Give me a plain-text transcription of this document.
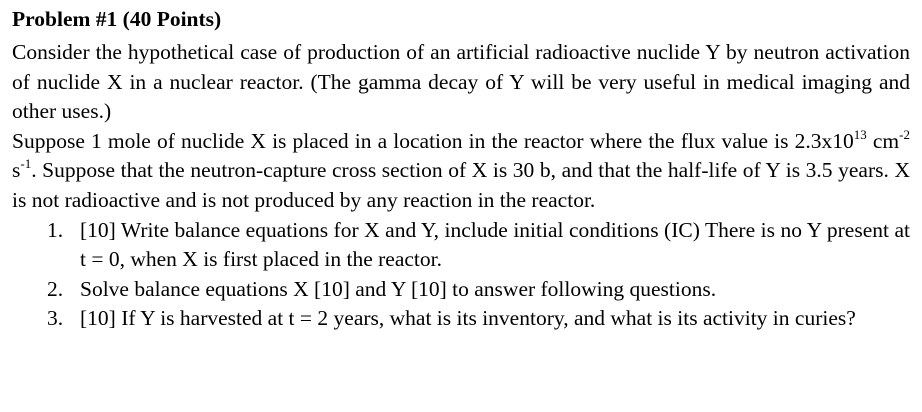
Problem #1 (40 Points)

Consider the hypothetical case of production of an artificial radioactive nuclide Y by neutron activation of nuclide X in a nuclear reactor. (The gamma decay of Y will be very useful in medical imaging and other uses.)

Suppose 1 mole of nuclide X is placed in a location in the reactor where the flux value is $2.3x10^{13}$ $cm^{-2}$ $s^{-1}$. Suppose that the neutron-capture cross section of X is 30 b, and that the half-life of Y is 3.5 years. X is not radioactive and is not produced by any reaction in the reactor.

1. [10] Write balance equations for X and Y, include initial conditions (IC) There is no Y present at t = 0, when X is first placed in the reactor.
2. Solve balance equations X [10] and Y [10] to answer following questions.
3. [10] If Y is harvested at t = 2 years, what is its inventory, and what is its activity in curies?
